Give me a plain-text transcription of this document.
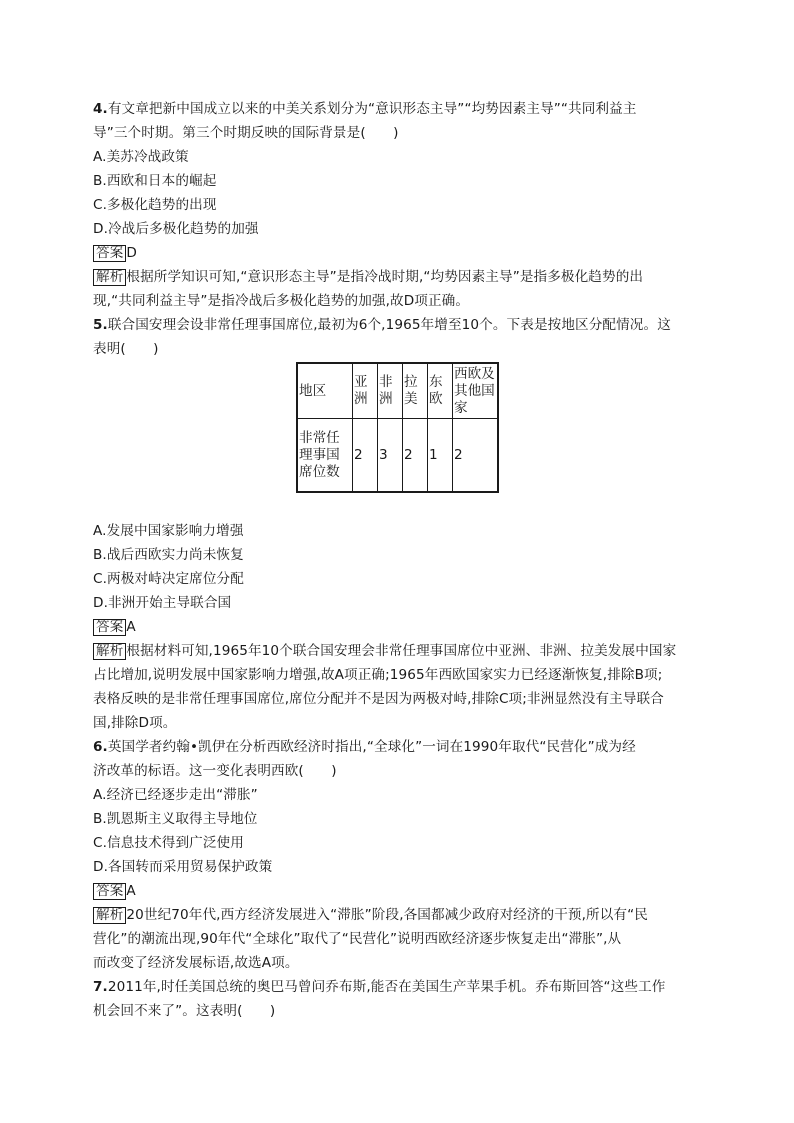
4.有文章把新中国成立以来的中美关系划分为“意识形态主导”“均势因素主导”“共同利益主
导”三个时期。第三个时期反映的国际背景是(　　)
A.美苏冷战政策
B.西欧和日本的崛起
C.多极化趋势的出现
D.冷战后多极化趋势的加强
答案 D
解析 根据所学知识可知,“意识形态主导”是指冷战时期,“均势因素主导”是指多极化趋势的出
现,“共同利益主导”是指冷战后多极化趋势的加强,故D项正确。
5.联合国安理会设非常任理事国席位,最初为6个,1965年增至10个。下表是按地区分配情况。这
表明(　　)
地区	亚洲	非洲	拉美	东欧	西欧及其他国家
非常任理事国席位数	2	3	2	1	2
A.发展中国家影响力增强
B.战后西欧实力尚未恢复
C.两极对峙决定席位分配
D.非洲开始主导联合国
答案 A
解析 根据材料可知,1965年10个联合国安理会非常任理事国席位中亚洲、非洲、拉美发展中国家
占比增加,说明发展中国家影响力增强,故A项正确;1965年西欧国家实力已经逐渐恢复,排除B项;
表格反映的是非常任理事国席位,席位分配并不是因为两极对峙,排除C项;非洲显然没有主导联合
国,排除D项。
6.英国学者约翰•凯伊在分析西欧经济时指出,“全球化”一词在1990年取代“民营化”成为经
济改革的标语。这一变化表明西欧(　　)
A.经济已经逐步走出“滞胀”
B.凯恩斯主义取得主导地位
C.信息技术得到广泛使用
D.各国转而采用贸易保护政策
答案 A
解析 20世纪70年代,西方经济发展进入“滞胀”阶段,各国都减少政府对经济的干预,所以有“民
营化”的潮流出现,90年代“全球化”取代了“民营化”说明西欧经济逐步恢复走出“滞胀”,从
而改变了经济发展标语,故选A项。
7.2011年,时任美国总统的奥巴马曾问乔布斯,能否在美国生产苹果手机。乔布斯回答“这些工作
机会回不来了”。这表明(　　)
